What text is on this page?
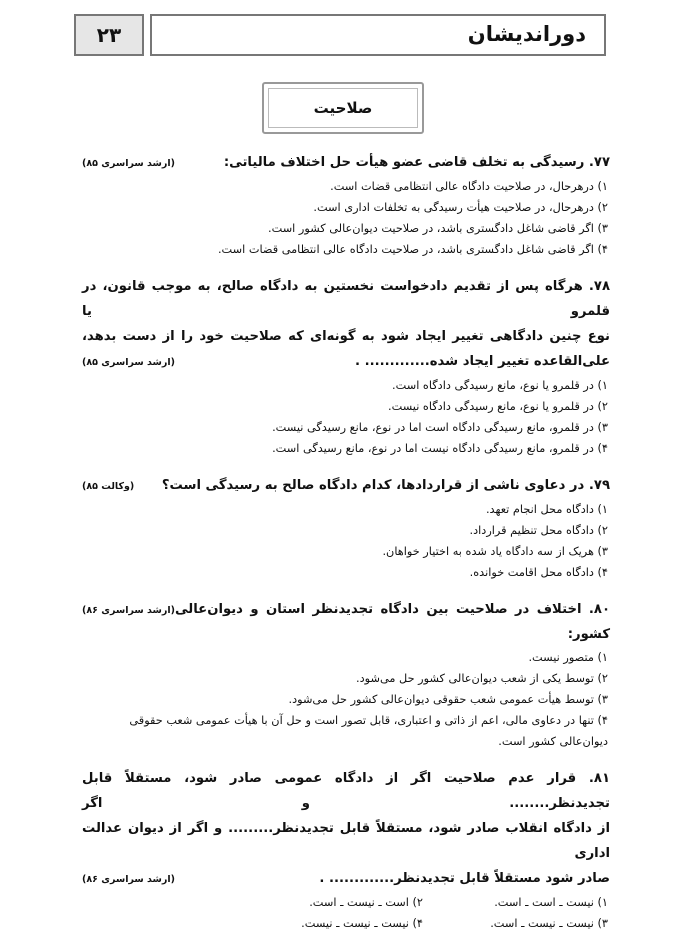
۲۳	دوراندیشان
صلاحیت
۷۷. رسیدگی به تخلف قاضی عضو هیأت حل اختلاف مالیاتی:
(ارشد سراسری ۸۵)
۱) درهرحال، در صلاحیت دادگاه عالی انتظامی قضات است.
۲) درهرحال، در صلاحیت هیأت رسیدگی به تخلفات اداری است.
۳) اگر قاضی شاغل دادگستری باشد، در صلاحیت دیوان‌عالی کشور است.
۴) اگر قاضی شاغل دادگستری باشد، در صلاحیت دادگاه عالی انتظامی قضات است.
۷۸. هرگاه پس از تقدیم دادخواست نخستین به دادگاه صالح، به موجب قانون، در قلمرو یا
نوع چنین دادگاهی تغییر ایجاد شود به گونه‌ای که صلاحیت خود را از دست بدهد،
علی‌القاعده تغییر ایجاد شده............. .
(ارشد سراسری ۸۵)
۱) در قلمرو یا نوع، مانع رسیدگی دادگاه است.
۲) در قلمرو یا نوع، مانع رسیدگی دادگاه نیست.
۳) در قلمرو، مانع رسیدگی دادگاه است اما در نوع، مانع رسیدگی نیست.
۴) در قلمرو، مانع رسیدگی دادگاه نیست اما در نوع، مانع رسیدگی است.
۷۹. در دعاوی ناشی از قراردادها، کدام دادگاه صالح به رسیدگی است؟
(وکالت ۸۵)
۱) دادگاه محل انجام تعهد.
۲) دادگاه محل تنظیم قرارداد.
۳) هریک از سه دادگاه یاد شده به اختیار خواهان.
۴) دادگاه محل اقامت خوانده.
۸۰. اختلاف در صلاحیت بین دادگاه تجدیدنظر استان و دیوان‌عالی کشور:
(ارشد سراسری ۸۶)
۱) متصور نیست.
۲) توسط یکی از شعب دیوان‌عالی کشور حل می‌شود.
۳) توسط هیأت عمومی شعب حقوقی دیوان‌عالی کشور حل می‌شود.
۴) تنها در دعاوی مالی، اعم از ذاتی و اعتباری، قابل تصور است و حل آن با هیأت عمومی شعب حقوقی دیوان‌عالی کشور است.
۸۱. قرار عدم صلاحیت اگر از دادگاه عمومی صادر شود، مستقلاً قابل تجدیدنظر........ و اگر
از دادگاه انقلاب صادر شود، مستقلاً قابل تجدیدنظر......... و اگر از دیوان عدالت اداری
صادر شود مستقلاً قابل تجدیدنظر............. .
(ارشد سراسری ۸۶)
۱) نیست ـ است ـ است.
۲) است ـ نیست ـ است.
۳) نیست ـ نیست ـ است.
۴) نیست ـ نیست ـ نیست.
